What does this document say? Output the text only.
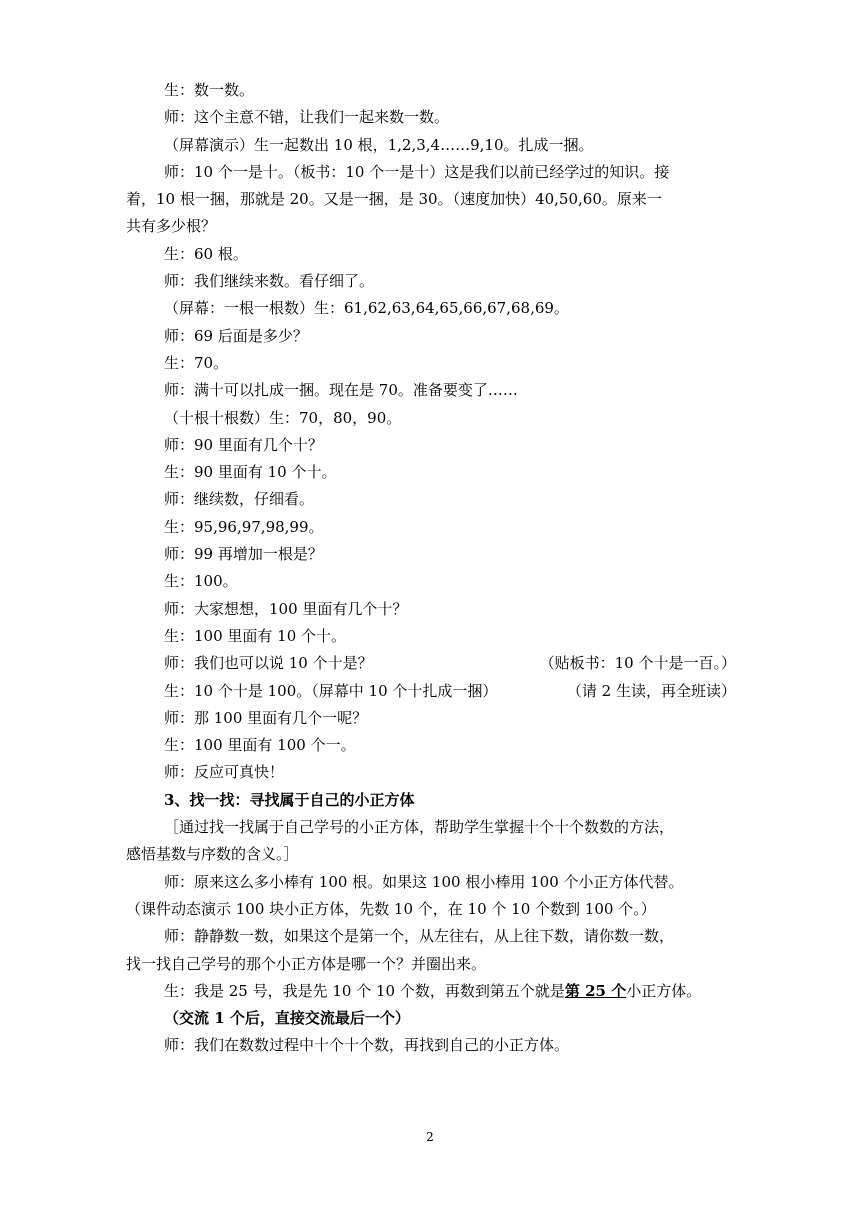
生：数一数。
师：这个主意不错，让我们一起来数一数。
（屏幕演示）生一起数出 10 根，1,2,3,4……9,10。扎成一捆。
师：10 个一是十。（板书：10 个一是十）这是我们以前已经学过的知识。接
着，10 根一捆，那就是 20。又是一捆，是 30。（速度加快）40,50,60。原来一
共有多少根？
生：60 根。
师：我们继续来数。看仔细了。
（屏幕：一根一根数）生：61,62,63,64,65,66,67,68,69。
师：69 后面是多少？
生：70。
师：满十可以扎成一捆。现在是 70。准备要变了……
（十根十根数）生：70，80，90。
师：90 里面有几个十？
生：90 里面有 10 个十。
师：继续数，仔细看。
生：95,96,97,98,99。
师：99 再增加一根是？
生：100。
师：大家想想，100 里面有几个十？
生：100 里面有 10 个十。
师：我们也可以说 10 个十是？	（贴板书：10 个十是一百。）
生：10 个十是 100。（屏幕中 10 个十扎成一捆）	（请 2 生读，再全班读）
师：那 100 里面有几个一呢？
生：100 里面有 100 个一。
师：反应可真快！
3、找一找：寻找属于自己的小正方体
［通过找一找属于自己学号的小正方体，帮助学生掌握十个十个数数的方法，
感悟基数与序数的含义。］
师：原来这么多小棒有 100 根。如果这 100 根小棒用 100 个小正方体代替。
（课件动态演示 100 块小正方体，先数 10 个，在 10 个 10 个数到 100 个。）
师：静静数一数，如果这个是第一个，从左往右，从上往下数，请你数一数，
找一找自己学号的那个小正方体是哪一个？并圈出来。
生：我是 25 号，我是先 10 个 10 个数，再数到第五个就是第 25 个小正方体。
（交流 1 个后，直接交流最后一个）
师：我们在数数过程中十个十个数，再找到自己的小正方体。
2
